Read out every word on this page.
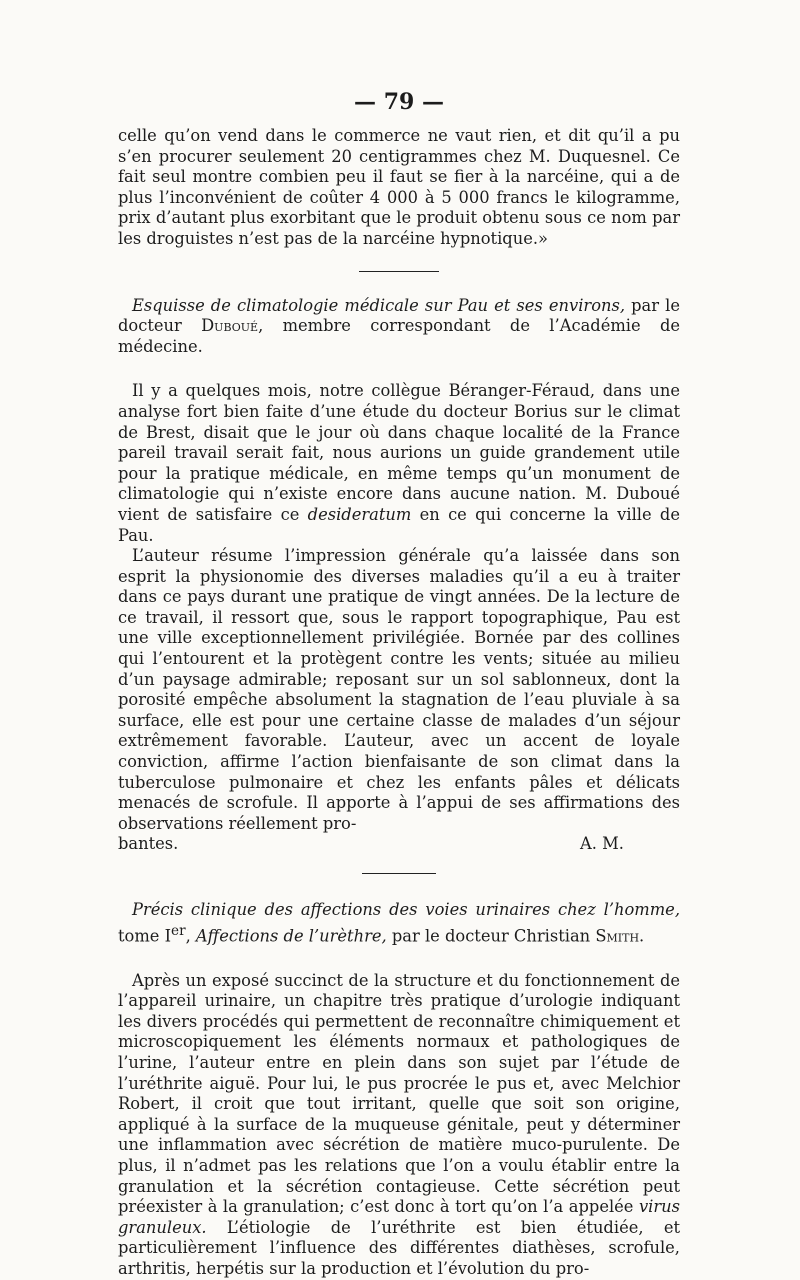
— 79 —

celle qu’on vend dans le commerce ne vaut rien, et dit qu’il a pu s’en procurer seulement 20 centigrammes chez M. Duquesnel. Ce fait seul montre combien peu il faut se fier à la narcéine, qui a de plus l’inconvénient de coûter 4 000 à 5 000 francs le kilogramme, prix d’autant plus exorbitant que le produit obtenu sous ce nom par les droguistes n’est pas de la narcéine hypnotique.»

Esquisse de climatologie médicale sur Pau et ses environs, par le docteur Duboué, membre correspondant de l’Académie de médecine.

Il y a quelques mois, notre collègue Béranger-Féraud, dans une analyse fort bien faite d’une étude du docteur Borius sur le climat de Brest, disait que le jour où dans chaque localité de la France pareil travail serait fait, nous aurions un guide grandement utile pour la pratique médicale, en même temps qu’un monument de climatologie qui n’existe encore dans aucune nation. M. Duboué vient de satisfaire ce desideratum en ce qui concerne la ville de Pau.

L’auteur résume l’impression générale qu’a laissée dans son esprit la physionomie des diverses maladies qu’il a eu à traiter dans ce pays durant une pratique de vingt années. De la lecture de ce travail, il ressort que, sous le rapport topographique, Pau est une ville exceptionnellement privilégiée. Bornée par des collines qui l’entourent et la protègent contre les vents; située au milieu d’un paysage admirable; reposant sur un sol sablonneux, dont la porosité empêche absolument la stagnation de l’eau pluviale à sa surface, elle est pour une certaine classe de malades d’un séjour extrêmement favorable. L’auteur, avec un accent de loyale conviction, affirme l’action bienfaisante de son climat dans la tuberculose pulmonaire et chez les enfants pâles et délicats menacés de scrofule. Il apporte à l’appui de ses affirmations des observations réellement pro-

bantes.	A. M.

Précis clinique des affections des voies urinaires chez l’homme, tome Ier, Affections de l’urèthre, par le docteur Christian Smith.

Après un exposé succinct de la structure et du fonctionnement de l’appareil urinaire, un chapitre très pratique d’urologie indiquant les divers procédés qui permettent de reconnaître chimiquement et microscopiquement les éléments normaux et pathologiques de l’urine, l’auteur entre en plein dans son sujet par l’étude de l’uréthrite aiguë. Pour lui, le pus procrée le pus et, avec Melchior Robert, il croit que tout irritant, quelle que soit son origine, appliqué à la surface de la muqueuse génitale, peut y déterminer une inflammation avec sécrétion de matière muco-purulente. De plus, il n’admet pas les relations que l’on a voulu établir entre la granulation et la sécrétion contagieuse. Cette sécrétion peut préexister à la granulation; c’est donc à tort qu’on l’a appelée virus granuleux. L’étiologie de l’uréthrite est bien étudiée, et particulièrement l’influence des différentes diathèses, scrofule, arthritis, herpétis sur la production et l’évolution du pro-
